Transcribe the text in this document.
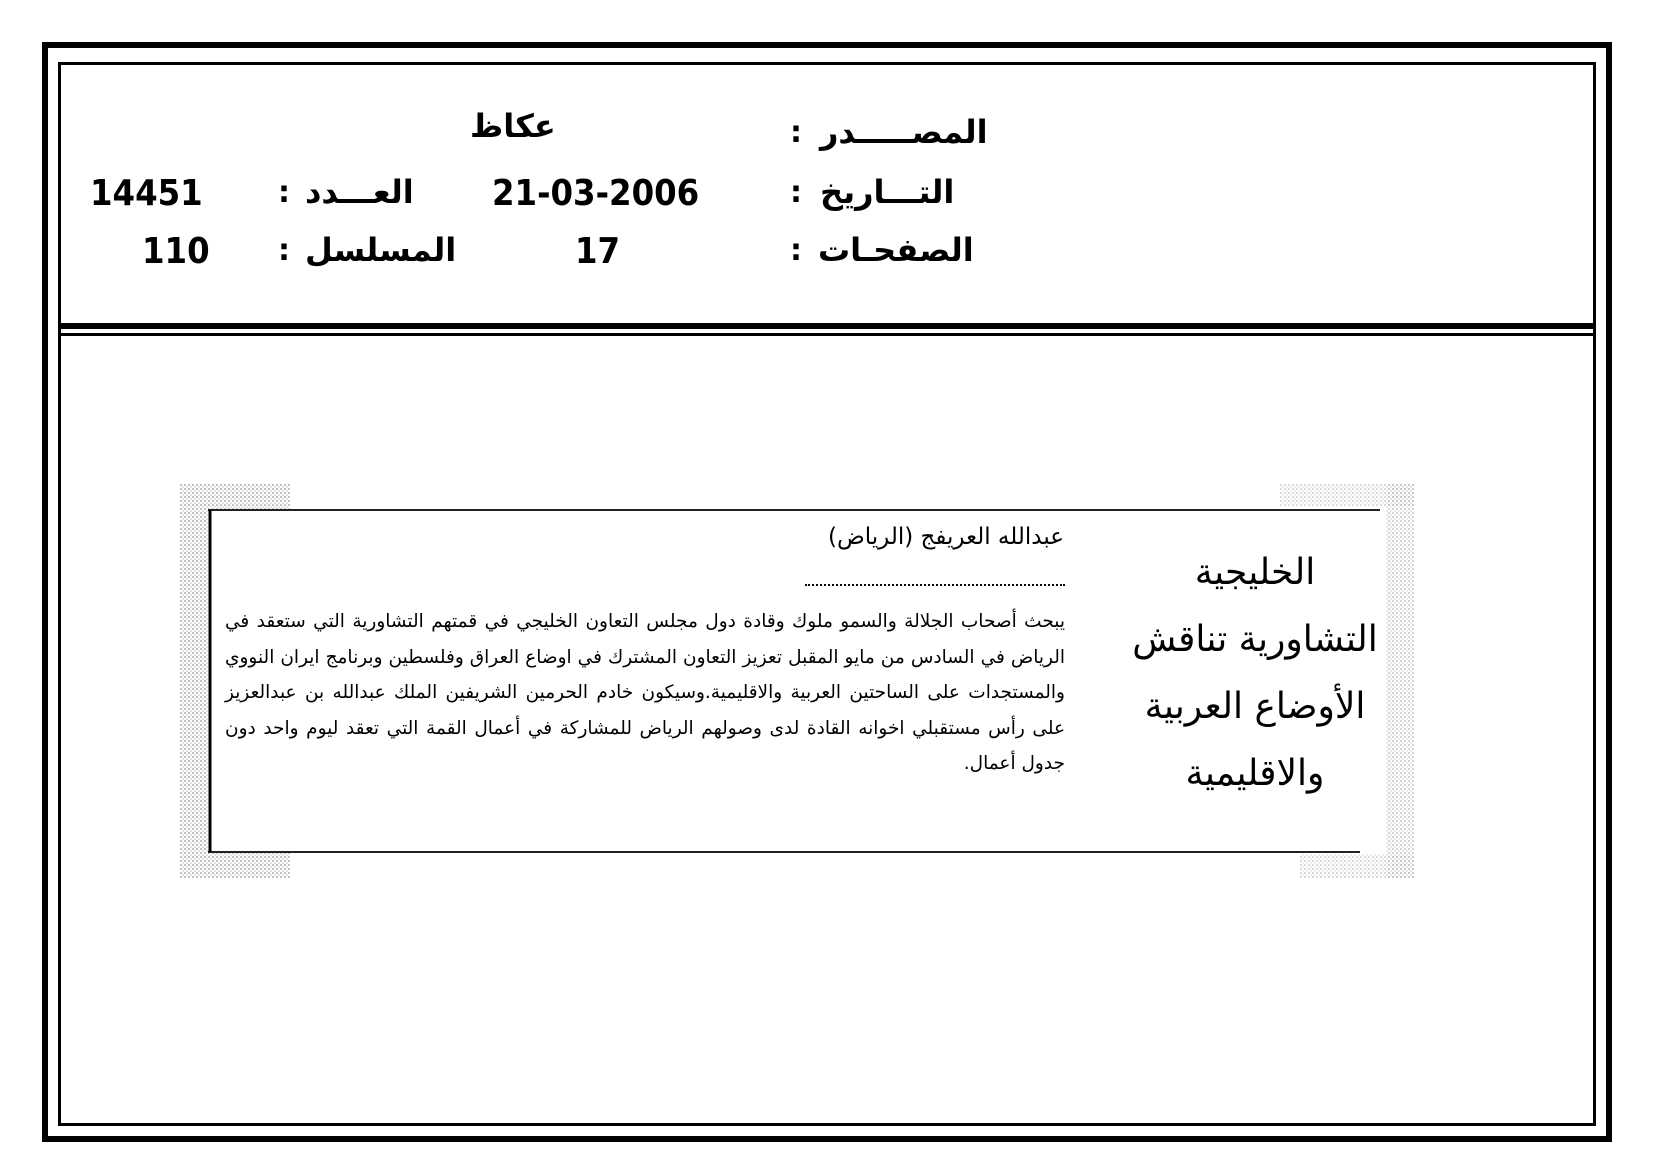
المصـــــدر
:
عكاظ
التـــاريخ
:
21-03-2006
العـــدد
:
14451
الصفحـات
:
17
المسلسل
:
110
عبدالله العريفج (الرياض)
يبحث أصحاب الجلالة والسمو ملوك وقادة دول مجلس التعاون الخليجي في قمتهم التشاورية التي ستعقد في الرياض في السادس من مايو المقبل تعزيز التعاون المشترك في اوضاع العراق وفلسطين وبرنامج ايران النووي والمستجدات على الساحتين العربية والاقليمية.وسيكون خادم الحرمين الشريفين الملك عبدالله بن عبدالعزيز على رأس مستقبلي اخوانه القادة لدى وصولهم الرياض للمشاركة في أعمال القمة التي تعقد ليوم واحد دون جدول أعمال.
الخليجية
التشاورية تناقش
الأوضاع العربية
والاقليمية
